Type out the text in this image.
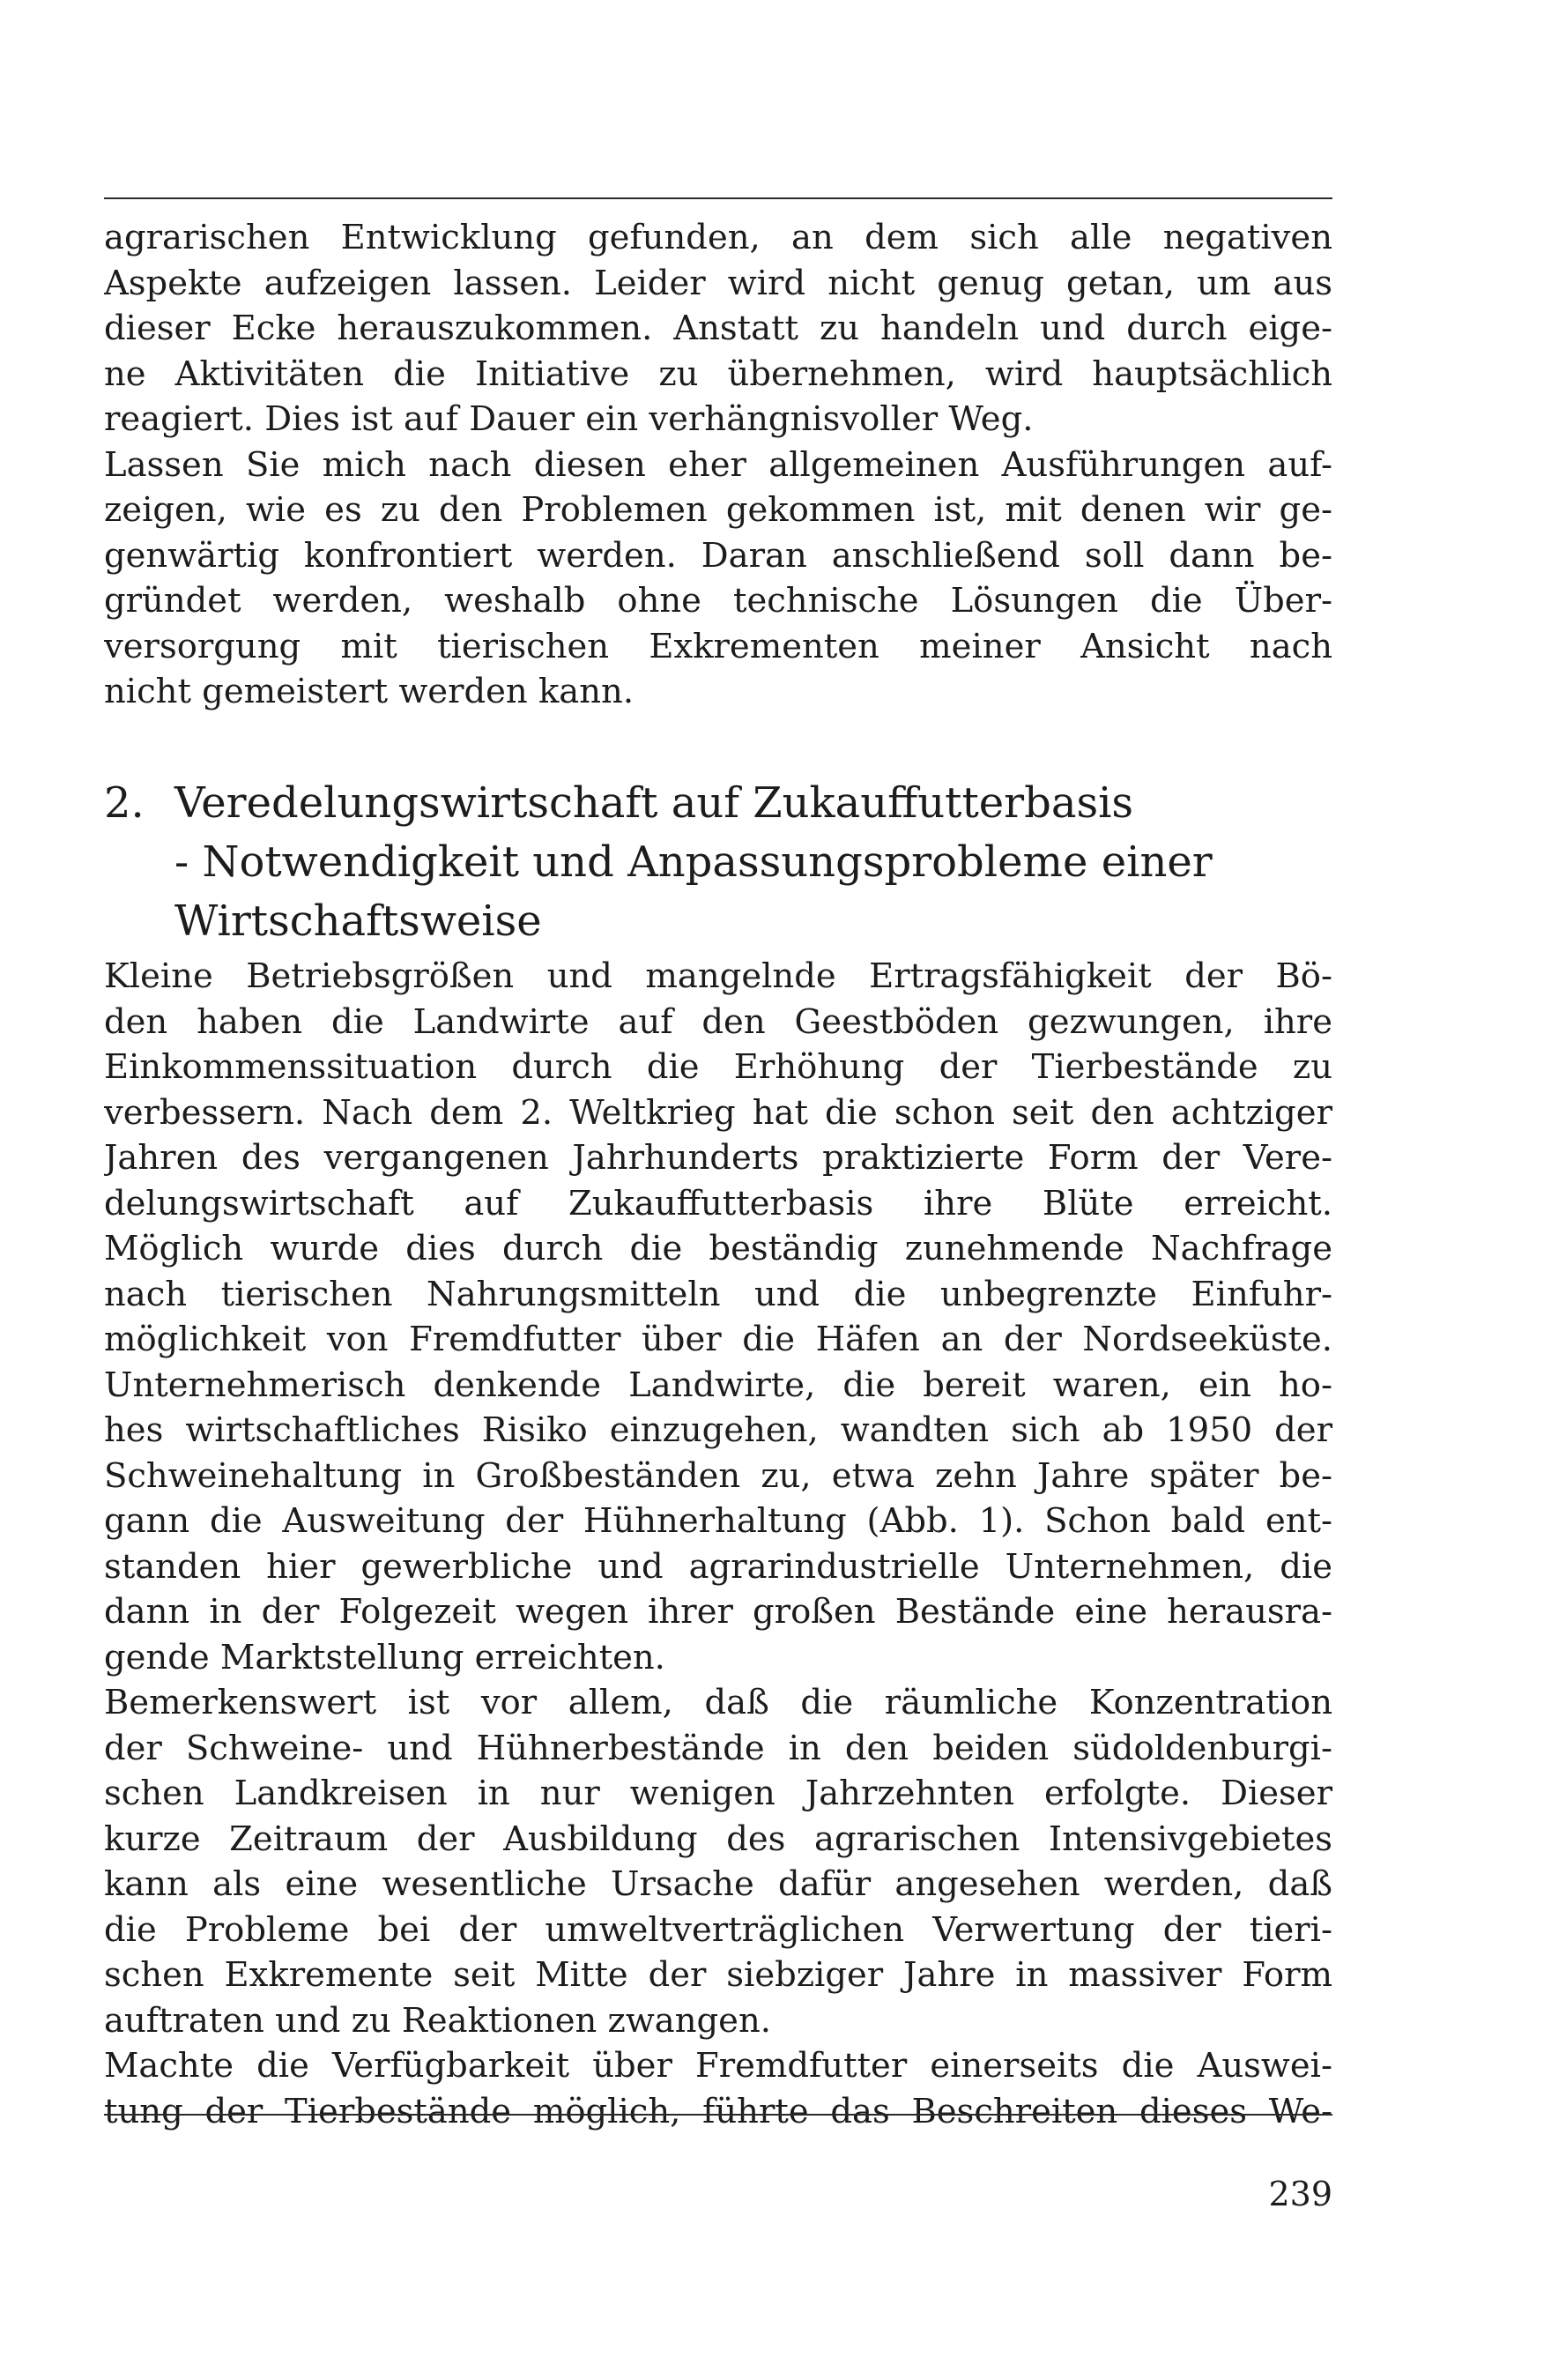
agrarischen Entwicklung gefunden, an dem sich alle negativen
Aspekte aufzeigen lassen. Leider wird nicht genug getan, um aus
dieser Ecke herauszukommen. Anstatt zu handeln und durch eige-
ne Aktivitäten die Initiative zu übernehmen, wird hauptsächlich
reagiert. Dies ist auf Dauer ein verhängnisvoller Weg.
Lassen Sie mich nach diesen eher allgemeinen Ausführungen auf-
zeigen, wie es zu den Problemen gekommen ist, mit denen wir ge-
genwärtig konfrontiert werden. Daran anschließend soll dann be-
gründet werden, weshalb ohne technische Lösungen die Über-
versorgung mit tierischen Exkrementen meiner Ansicht nach
nicht gemeistert werden kann.
2. Veredelungswirtschaft auf Zukauffutterbasis
- Notwendigkeit und Anpassungsprobleme einer
Wirtschaftsweise
Kleine Betriebsgrößen und mangelnde Ertragsfähigkeit der Bö-
den haben die Landwirte auf den Geestböden gezwungen, ihre
Einkommenssituation durch die Erhöhung der Tierbestände zu
verbessern. Nach dem 2. Weltkrieg hat die schon seit den achtziger
Jahren des vergangenen Jahrhunderts praktizierte Form der Vere-
delungswirtschaft auf Zukauffutterbasis ihre Blüte erreicht.
Möglich wurde dies durch die beständig zunehmende Nachfrage
nach tierischen Nahrungsmitteln und die unbegrenzte Einfuhr-
möglichkeit von Fremdfutter über die Häfen an der Nordseeküste.
Unternehmerisch denkende Landwirte, die bereit waren, ein ho-
hes wirtschaftliches Risiko einzugehen, wandten sich ab 1950 der
Schweinehaltung in Großbeständen zu, etwa zehn Jahre später be-
gann die Ausweitung der Hühnerhaltung (Abb. 1). Schon bald ent-
standen hier gewerbliche und agrarindustrielle Unternehmen, die
dann in der Folgezeit wegen ihrer großen Bestände eine herausra-
gende Marktstellung erreichten.
Bemerkenswert ist vor allem, daß die räumliche Konzentration
der Schweine- und Hühnerbestände in den beiden südoldenburgi-
schen Landkreisen in nur wenigen Jahrzehnten erfolgte. Dieser
kurze Zeitraum der Ausbildung des agrarischen Intensivgebietes
kann als eine wesentliche Ursache dafür angesehen werden, daß
die Probleme bei der umweltverträglichen Verwertung der tieri-
schen Exkremente seit Mitte der siebziger Jahre in massiver Form
auftraten und zu Reaktionen zwangen.
Machte die Verfügbarkeit über Fremdfutter einerseits die Auswei-
tung der Tierbestände möglich, führte das Beschreiten dieses We-
239
